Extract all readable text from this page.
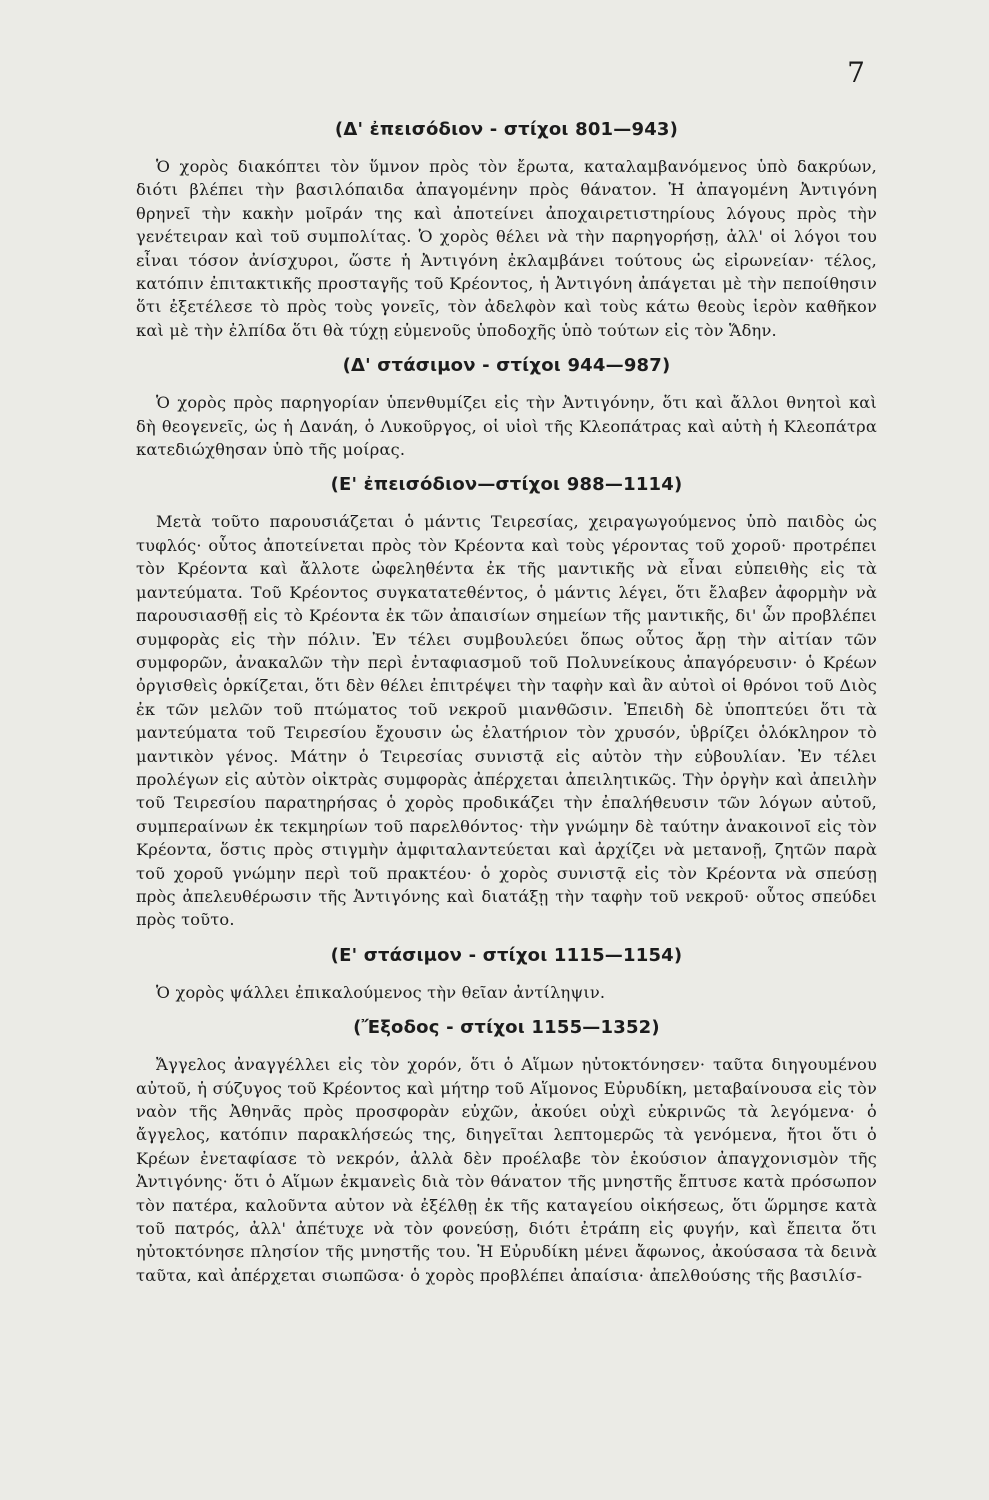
7
(Δ' ἐπεισόδιον - στίχοι 801—943)

Ὁ χορὸς διακόπτει τὸν ὕμνον πρὸς τὸν ἔρωτα, καταλαμβανόμενος ὑπὸ δακρύων, διότι βλέπει τὴν βασιλόπαιδα ἀπαγομένην πρὸς θάνατον. Ἡ ἀπαγομένη Ἀντιγόνη θρηνεῖ τὴν κακὴν μοῖράν της καὶ ἀποτείνει ἀποχαιρετιστηρίους λόγους πρὸς τὴν γενέτειραν καὶ τοῦ συμπολίτας. Ὁ χορὸς θέλει νὰ τὴν παρηγορήσῃ, ἀλλ' οἱ λόγοι του εἶναι τόσον ἀνίσχυροι, ὥστε ἡ Ἀντιγόνη ἐκλαμβάνει τούτους ὡς εἰρωνείαν· τέλος, κατόπιν ἐπιτακτικῆς προσταγῆς τοῦ Κρέοντος, ἡ Ἀντιγόνη ἀπάγεται μὲ τὴν πεποίθησιν ὅτι ἐξετέλεσε τὸ πρὸς τοὺς γονεῖς, τὸν ἀδελφὸν καὶ τοὺς κάτω θεοὺς ἱερὸν καθῆκον καὶ μὲ τὴν ἐλπίδα ὅτι θὰ τύχῃ εὐμενοῦς ὑποδοχῆς ὑπὸ τούτων εἰς τὸν Ἅδην.

(Δ' στάσιμον - στίχοι 944—987)

Ὁ χορὸς πρὸς παρηγορίαν ὑπενθυμίζει εἰς τὴν Ἀντιγόνην, ὅτι καὶ ἄλλοι θνητοὶ καὶ δὴ θεογενεῖς, ὡς ἡ Δανάη, ὁ Λυκοῦργος, οἱ υἱοὶ τῆς Κλεοπάτρας καὶ αὐτὴ ἡ Κλεοπάτρα κατεδιώχθησαν ὑπὸ τῆς μοίρας.

(Ε' ἐπεισόδιον—στίχοι 988—1114)

Μετὰ τοῦτο παρουσιάζεται ὁ μάντις Τειρεσίας, χειραγωγούμενος ὑπὸ παιδὸς ὡς τυφλός· οὗτος ἀποτείνεται πρὸς τὸν Κρέοντα καὶ τοὺς γέροντας τοῦ χοροῦ· προτρέπει τὸν Κρέοντα καὶ ἄλλοτε ὠφεληθέντα ἐκ τῆς μαντικῆς νὰ εἶναι εὐπειθὴς εἰς τὰ μαντεύματα. Τοῦ Κρέοντος συγκατατεθέντος, ὁ μάντις λέγει, ὅτι ἔλαβεν ἀφορμὴν νὰ παρουσιασθῇ εἰς τὸ Κρέοντα ἐκ τῶν ἀπαισίων σημείων τῆς μαντικῆς, δι' ὧν προβλέπει συμφορὰς εἰς τὴν πόλιν. Ἐν τέλει συμβουλεύει ὅπως οὗτος ἄρῃ τὴν αἰτίαν τῶν συμφορῶν, ἀνακαλῶν τὴν περὶ ἐνταφιασμοῦ τοῦ Πολυνείκους ἀπαγόρευσιν· ὁ Κρέων ὀργισθεὶς ὁρκίζεται, ὅτι δὲν θέλει ἐπιτρέψει τὴν ταφὴν καὶ ἂν αὐτοὶ οἱ θρόνοι τοῦ Διὸς ἐκ τῶν μελῶν τοῦ πτώματος τοῦ νεκροῦ μιανθῶσιν. Ἐπειδὴ δὲ ὑποπτεύει ὅτι τὰ μαντεύματα τοῦ Τειρεσίου ἔχουσιν ὡς ἐλατήριον τὸν χρυσόν, ὑβρίζει ὁλόκληρον τὸ μαντικὸν γένος. Μάτην ὁ Τειρεσίας συνιστᾷ εἰς αὐτὸν τὴν εὐβουλίαν. Ἐν τέλει προλέγων εἰς αὐτὸν οἰκτρὰς συμφορὰς ἀπέρχεται ἀπειλητικῶς. Τὴν ὀργὴν καὶ ἀπειλὴν τοῦ Τειρεσίου παρατηρήσας ὁ χορὸς προδικάζει τὴν ἐπαλήθευσιν τῶν λόγων αὐτοῦ, συμπεραίνων ἐκ τεκμηρίων τοῦ παρελθόντος· τὴν γνώμην δὲ ταύτην ἀνακοινοῖ εἰς τὸν Κρέοντα, ὅστις πρὸς στιγμὴν ἀμφιταλαντεύεται καὶ ἀρχίζει νὰ μετανοῇ, ζητῶν παρὰ τοῦ χοροῦ γνώμην περὶ τοῦ πρακτέου· ὁ χορὸς συνιστᾷ εἰς τὸν Κρέοντα νὰ σπεύσῃ πρὸς ἀπελευθέρωσιν τῆς Ἀντιγόνης καὶ διατάξῃ τὴν ταφὴν τοῦ νεκροῦ· οὗτος σπεύδει πρὸς τοῦτο.

(Ε' στάσιμον - στίχοι 1115—1154)

Ὁ χορὸς ψάλλει ἐπικαλούμενος τὴν θεῖαν ἀντίληψιν.

(Ἔξοδος - στίχοι 1155—1352)

Ἄγγελος ἀναγγέλλει εἰς τὸν χορόν, ὅτι ὁ Αἵμων ηὐτοκτόνησεν· ταῦτα διηγουμένου αὐτοῦ, ἡ σύζυγος τοῦ Κρέοντος καὶ μήτηρ τοῦ Αἵμονος Εὐρυδίκη, μεταβαίνουσα εἰς τὸν ναὸν τῆς Ἀθηνᾶς πρὸς προσφορὰν εὐχῶν, ἀκούει οὐχὶ εὐκρινῶς τὰ λεγόμενα· ὁ ἄγγελος, κατόπιν παρακλήσεώς της, διηγεῖται λεπτομερῶς τὰ γενόμενα, ἤτοι ὅτι ὁ Κρέων ἐνεταφίασε τὸ νεκρόν, ἀλλὰ δὲν προέλαβε τὸν ἑκούσιον ἀπαγχονισμὸν τῆς Ἀντιγόνης· ὅτι ὁ Αἵμων ἐκμανεὶς διὰ τὸν θάνατον τῆς μνηστῆς ἔπτυσε κατὰ πρόσωπον τὸν πατέρα, καλοῦντα αὐτον νὰ ἐξέλθῃ ἐκ τῆς καταγείου οἰκήσεως, ὅτι ὥρμησε κατὰ τοῦ πατρός, ἀλλ' ἀπέτυχε νὰ τὸν φονεύσῃ, διότι ἐτράπη εἰς φυγήν, καὶ ἔπειτα ὅτι ηὐτοκτόνησε πλησίον τῆς μνηστῆς του. Ἡ Εὐρυδίκη μένει ἄφωνος, ἀκούσασα τὰ δεινὰ ταῦτα, καὶ ἀπέρχεται σιωπῶσα· ὁ χορὸς προβλέπει ἀπαίσια· ἀπελθούσης τῆς βασιλίσ-
